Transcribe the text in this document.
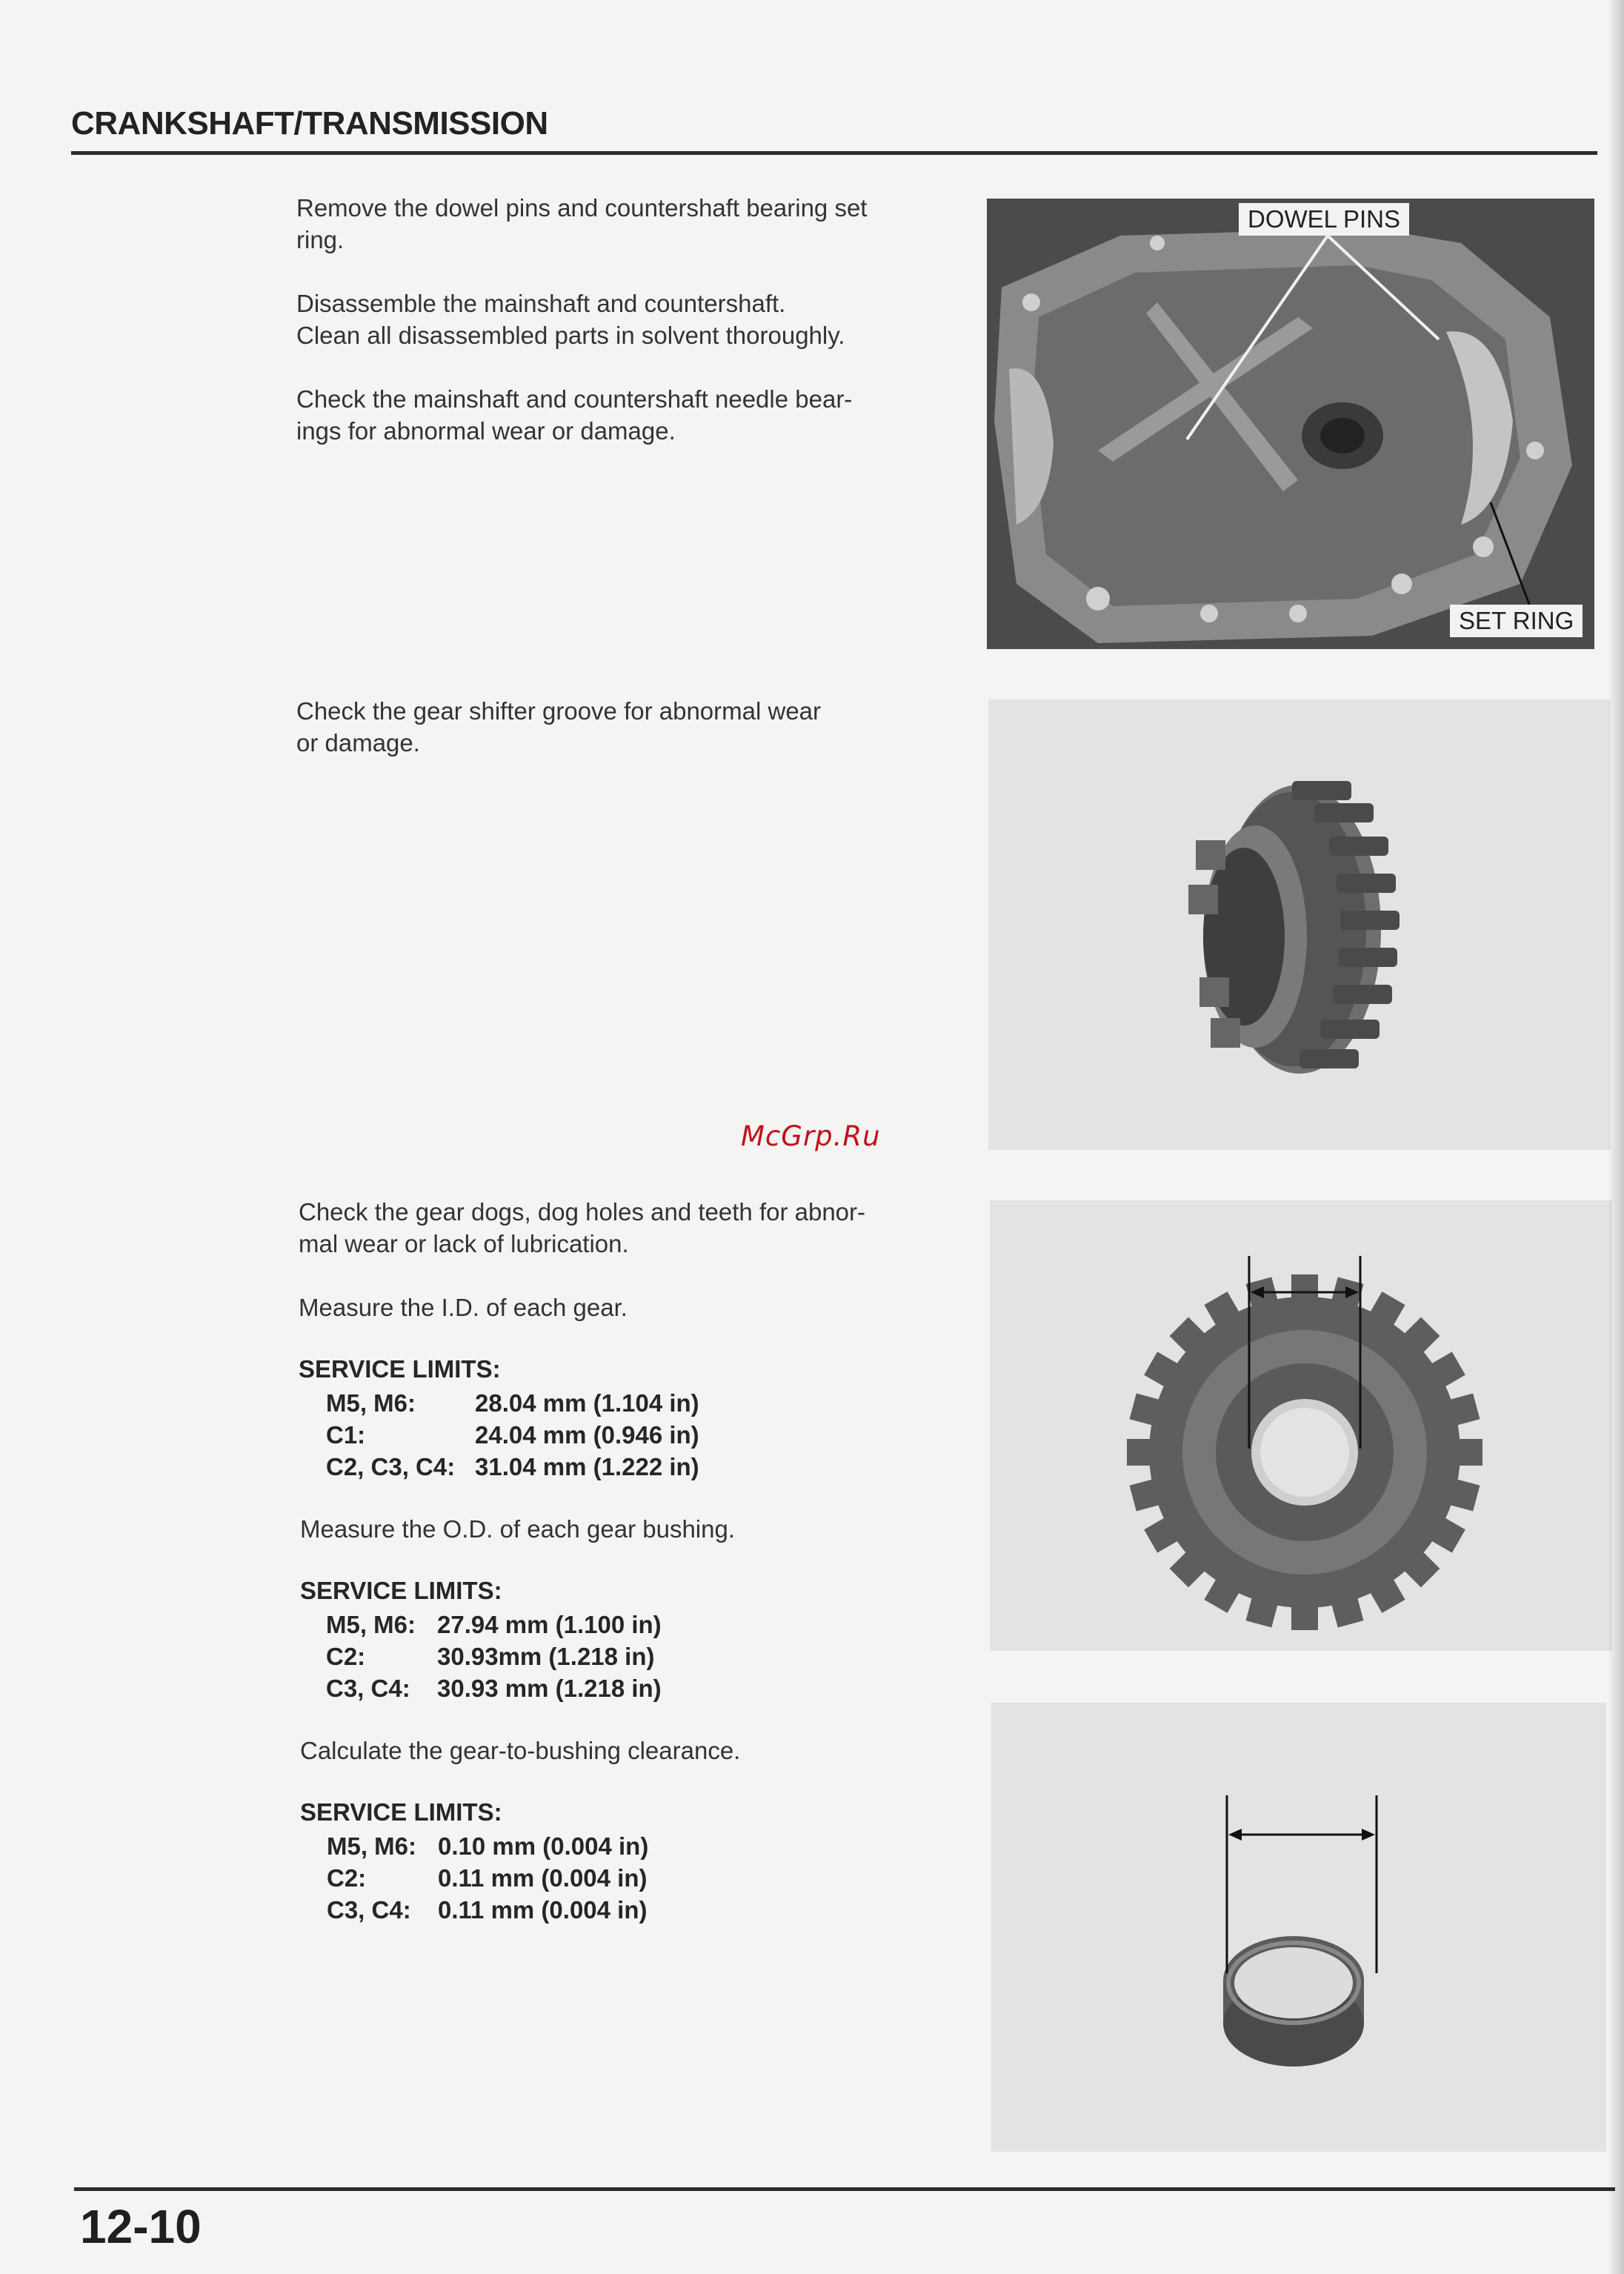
CRANKSHAFT/TRANSMISSION

Remove the dowel pins and countershaft bearing set
ring.

Disassemble the mainshaft and countershaft.
Clean all disassembled parts in solvent thoroughly.

Check the mainshaft and countershaft needle bear-
ings for abnormal wear or damage.

DOWEL PINS
SET RING

Check the gear shifter groove for abnormal wear
or damage.

McGrp.Ru

Check the gear dogs, dog holes and teeth for abnor-
mal wear or lack of lubrication.

Measure the I.D. of each gear.

SERVICE LIMITS:
M5, M6:	28.04 mm (1.104 in)
C1:	24.04 mm (0.946 in)
C2, C3, C4:	31.04 mm (1.222 in)

Measure the O.D. of each gear bushing.

SERVICE LIMITS:
M5, M6:	27.94 mm (1.100 in)
C2:	30.93mm (1.218 in)
C3, C4:	30.93 mm (1.218 in)

Calculate the gear-to-bushing clearance.

SERVICE LIMITS:
M5, M6:	0.10 mm (0.004 in)
C2:	0.11 mm (0.004 in)
C3, C4:	0.11 mm (0.004 in)
12-10
